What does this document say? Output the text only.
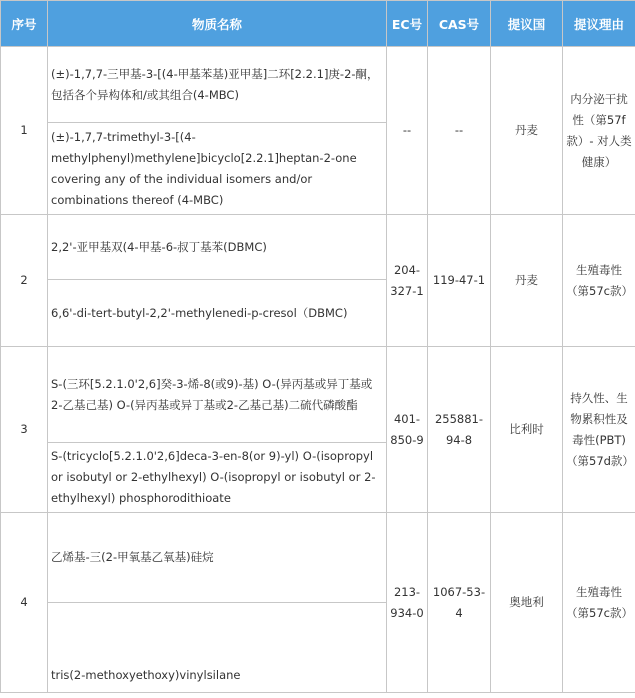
序号	物质名称	EC号	CAS号	提议国	提议理由
1	(±)-1,7,7-三甲基-3-[(4-甲基苯基)亚甲基]二环[2.2.1]庚-2-酮，包括各个异构体和/或其组合(4-MBC)	--	--	丹麦	内分泌干扰性（第57f款）- 对人类健康）
	(±)-1,7,7-trimethyl-3-[(4-methylphenyl)methylene]bicyclo[2.2.1]heptan-2-one covering any of the individual isomers and/or combinations thereof (4-MBC)				
2	2,2'-亚甲基双(4-甲基-6-叔丁基苯(DBMC)	204-327-1	119-47-1	丹麦	生殖毒性（第57c款）
	6,6'-di-tert-butyl-2,2'-methylenedi-p-cresol（DBMC)				
3	S-(三环[5.2.1.0'2,6]癸-3-烯-8(或9)-基) O-(异丙基或异丁基或2-乙基己基) O-(异丙基或异丁基或2-乙基己基)二硫代磷酸酯	401-850-9	255881-94-8	比利时	持久性、生物累积性及毒性(PBT)（第57d款）
	S-(tricyclo[5.2.1.0'2,6]deca-3-en-8(or 9)-yl) O-(isopropyl or isobutyl or 2-ethylhexyl) O-(isopropyl or isobutyl or 2-ethylhexyl) phosphorodithioate				
4	乙烯基-三(2-甲氧基乙氧基)硅烷	213-934-0	1067-53-4	奥地利	生殖毒性（第57c款）
	tris(2-methoxyethoxy)vinylsilane				
